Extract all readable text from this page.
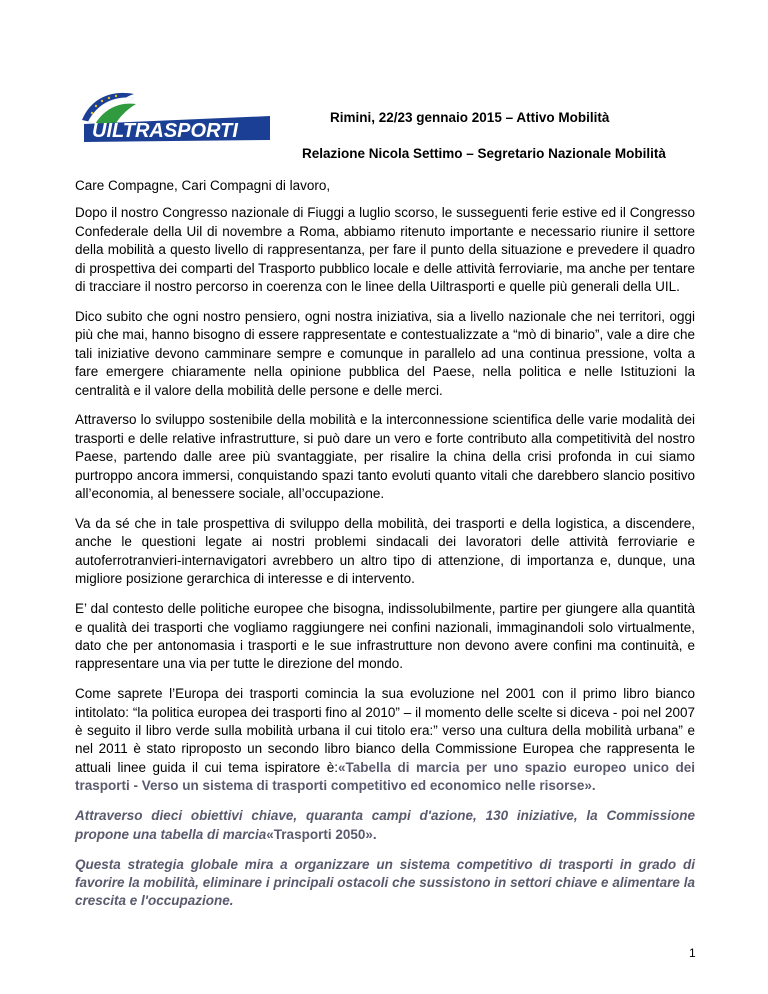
UILTRASPORTI
Rimini, 22/23 gennaio 2015 – Attivo Mobilità
Relazione Nicola Settimo – Segretario Nazionale Mobilità

Care Compagne, Cari Compagni di lavoro,

Dopo il nostro Congresso nazionale di Fiuggi a luglio scorso, le susseguenti ferie estive ed il Congresso Confederale della Uil di novembre a Roma, abbiamo ritenuto importante e necessario riunire il settore della mobilità a questo livello di rappresentanza, per fare il punto della situazione e prevedere il quadro di prospettiva dei comparti del Trasporto pubblico locale e delle attività ferroviarie, ma anche per tentare di tracciare il nostro percorso in coerenza con le linee della Uiltrasporti e quelle più generali della UIL.

Dico subito che ogni nostro pensiero, ogni nostra iniziativa, sia a livello nazionale che nei territori, oggi più che mai, hanno bisogno di essere rappresentate e contestualizzate a “mò di binario”, vale a dire che tali iniziative devono camminare sempre e comunque in parallelo ad una continua pressione, volta a fare emergere chiaramente nella opinione pubblica del Paese, nella politica e nelle Istituzioni la centralità e il valore della mobilità delle persone e delle merci.

Attraverso lo sviluppo sostenibile della mobilità e la interconnessione scientifica delle varie modalità dei trasporti e delle relative infrastrutture, si può dare un vero e forte contributo alla competitività del nostro Paese, partendo dalle aree più svantaggiate, per risalire la china della crisi profonda in cui siamo purtroppo ancora immersi, conquistando spazi tanto evoluti quanto vitali che darebbero slancio positivo all’economia, al benessere sociale, all’occupazione.

Va da sé che in tale prospettiva di sviluppo della mobilità, dei trasporti e della logistica, a discendere, anche le questioni legate ai nostri problemi sindacali dei lavoratori delle attività ferroviarie e autoferrotranvieri-internavigatori avrebbero un altro tipo di attenzione, di importanza e, dunque, una migliore posizione gerarchica di interesse e di intervento.

E’ dal contesto delle politiche europee che bisogna, indissolubilmente, partire per giungere alla quantità e qualità dei trasporti che vogliamo raggiungere nei confini nazionali, immaginandoli solo virtualmente, dato che per antonomasia i trasporti e le sue infrastrutture non devono avere confini ma continuità, e rappresentare una via per tutte le direzione del mondo.

Come saprete l’Europa dei trasporti comincia la sua evoluzione nel 2001 con il primo libro bianco intitolato: “la politica europea dei trasporti fino al 2010” – il momento delle scelte si diceva - poi nel 2007 è seguito il libro verde sulla mobilità urbana il cui titolo era:” verso una cultura della mobilità urbana” e nel 2011 è stato riproposto un secondo libro bianco della Commissione Europea che rappresenta le attuali linee guida il cui tema ispiratore è:«Tabella di marcia per uno spazio europeo unico dei trasporti - Verso un sistema di trasporti competitivo ed economico nelle risorse».

Attraverso dieci obiettivi chiave, quaranta campi d'azione, 130 iniziative, la Commissione propone una tabella di marcia«Trasporti 2050».

Questa strategia globale mira a organizzare un sistema competitivo di trasporti in grado di favorire la mobilità, eliminare i principali ostacoli che sussistono in settori chiave e alimentare la crescita e l'occupazione.

1
